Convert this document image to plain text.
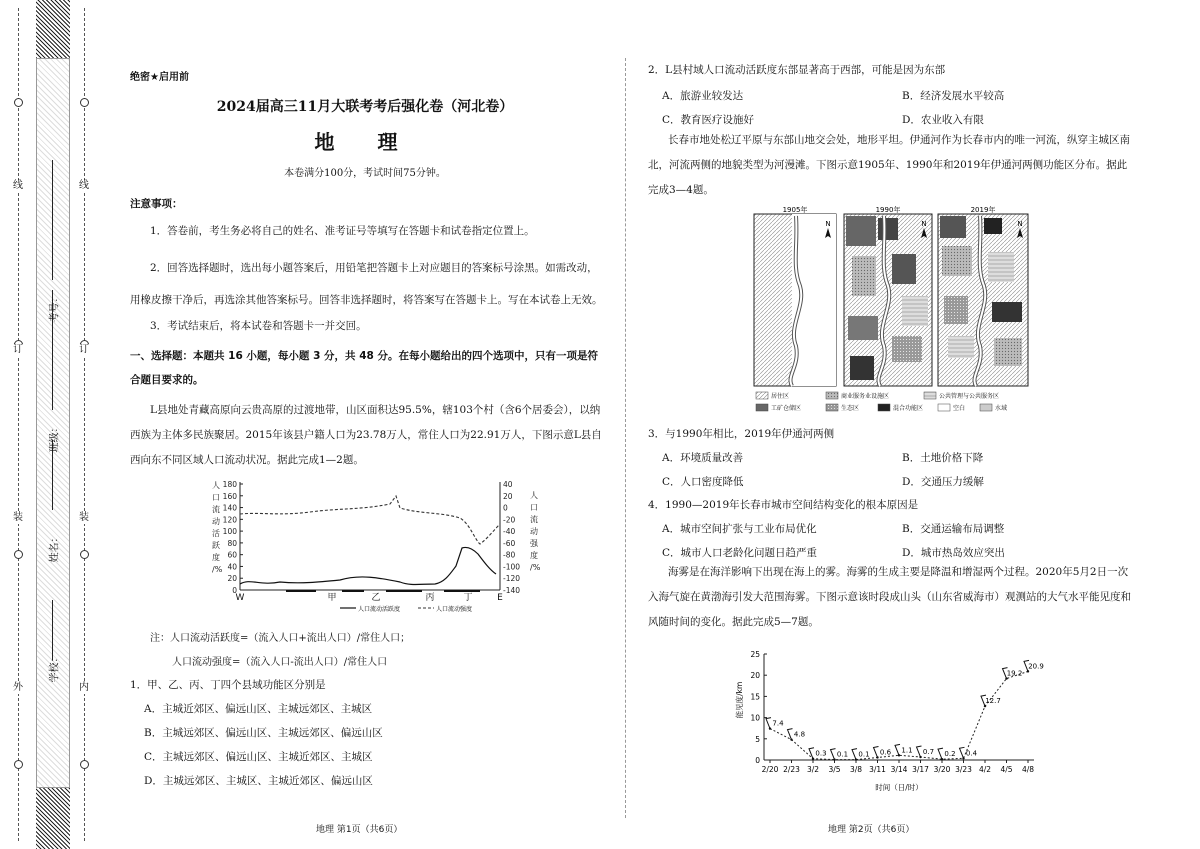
外
装
订
线
内
装
订
线
学校：
姓名：
班级：
考号：
绝密★启用前
2024届高三11月大联考考后强化卷（河北卷）
地 理
本卷满分100分，考试时间75分钟。
注意事项：
1．答卷前，考生务必将自己的姓名、准考证号等填写在答题卡和试卷指定位置上。
2．回答选择题时，选出每小题答案后，用铅笔把答题卡上对应题目的答案标号涂黑。如需改动，用橡皮擦干净后，再选涂其他答案标号。回答非选择题时，将答案写在答题卡上。写在本试卷上无效。
3．考试结束后，将本试卷和答题卡一并交回。
一、选择题：本题共 16 小题，每小题 3 分，共 48 分。在每小题给出的四个选项中，只有一项是符合题目要求的。
L县地处青藏高原向云贵高原的过渡地带，山区面积达95.5%，辖103个村（含6个居委会），以纳西族为主体多民族聚居。2015年该县户籍人口为23.78万人，常住人口为22.91万人，下图示意L县自西向东不同区域人口流动状况。据此完成1—2题。
人
口
流
动
活
跃
度
/%
人
口
流
动
强
度
/%
180
160
140
120
100
80
60
40
20
0
40
20
0
-20
-40
-60
-80
-100
-120
-140
W	甲	乙	丙	丁	E
人口流动活跃度	人口流动强度
注：人口流动活跃度=（流入人口+流出人口）/常住人口；
人口流动强度=（流入人口-流出人口）/常住人口
1．甲、乙、丙、丁四个县域功能区分别是
A．主城近郊区、偏远山区、主城远郊区、主城区
B．主城远郊区、偏远山区、主城远郊区、偏远山区
C．主城远郊区、偏远山区、主城近郊区、主城区
D．主城远郊区、主城区、主城近郊区、偏远山区
地理 第1页（共6页）
2．L县村域人口流动活跃度东部显著高于西部，可能是因为东部
A．旅游业较发达	B．经济发展水平较高
C．教育医疗设施好	D．农业收入有限
长春市地处松辽平原与东部山地交会处，地形平坦。伊通河作为长春市内的唯一河流，纵穿主城区南北，河流两侧的地貌类型为河漫滩。下图示意1905年、1990年和2019年伊通河两侧功能区分布。据此完成3—4题。
1905年
N
1990年
N
2019年
N
居住区	商业服务业设施区	公共管理与公共服务区
工矿仓储区	生态区	混合功能区	空白	水域
3．与1990年相比，2019年伊通河两侧
A．环境质量改善	B．土地价格下降
C．人口密度降低	D．交通压力缓解
4．1990—2019年长春市城市空间结构变化的根本原因是
A．城市空间扩张与工业布局优化	B．交通运输布局调整
C．城市人口老龄化问题日趋严重	D．城市热岛效应突出
海雾是在海洋影响下出现在海上的雾。海雾的生成主要是降温和增湿两个过程。2020年5月2日一次入海气旋在黄渤海引发大范围海雾。下图示意该时段成山头（山东省威海市）观测站的大气水平能见度和风随时间的变化。据此完成5—7题。
能见度/km
0
5
10
15
20
25
2/20 2/23 3/2 3/5 3/8 3/11 3/14 3/17 3/20 3/23 4/2 4/5 4/8
7.4
4.8
0.3 0.1 0.1 0.6 1.1 0.7 0.2 0.4
12.7
19.2
20.9
时间（日/时）
地理 第2页（共6页）
